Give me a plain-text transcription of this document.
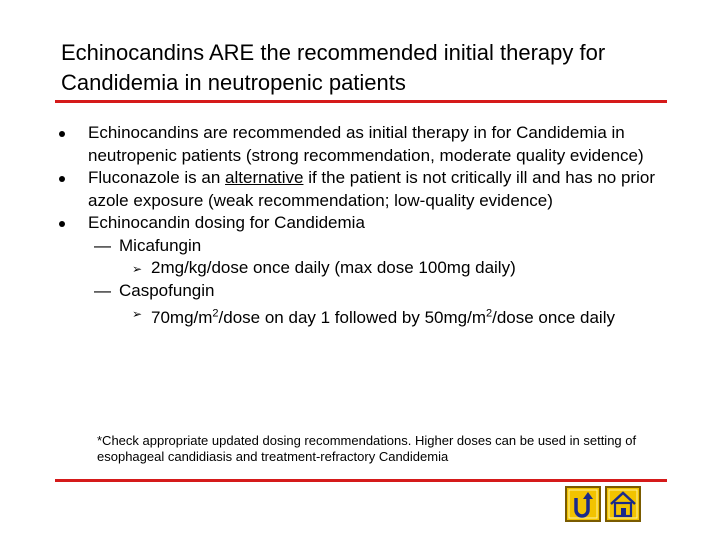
Echinocandins ARE the recommended initial therapy for Candidemia in neutropenic patients
Echinocandins are recommended as initial therapy in for Candidemia in neutropenic patients (strong recommendation, moderate quality evidence)
Fluconazole is an alternative if the patient is not critically ill and has no prior azole exposure (weak recommendation; low-quality evidence)
Echinocandin dosing for Candidemia
— Micafungin
➢ 2mg/kg/dose once daily (max dose 100mg daily)
— Caspofungin
➢ $70mg/m^2$/dose on day 1 followed by $50mg/m^2$/dose once daily
*Check appropriate updated dosing recommendations. Higher doses can be used in setting of esophageal candidiasis and treatment-refractory Candidemia
